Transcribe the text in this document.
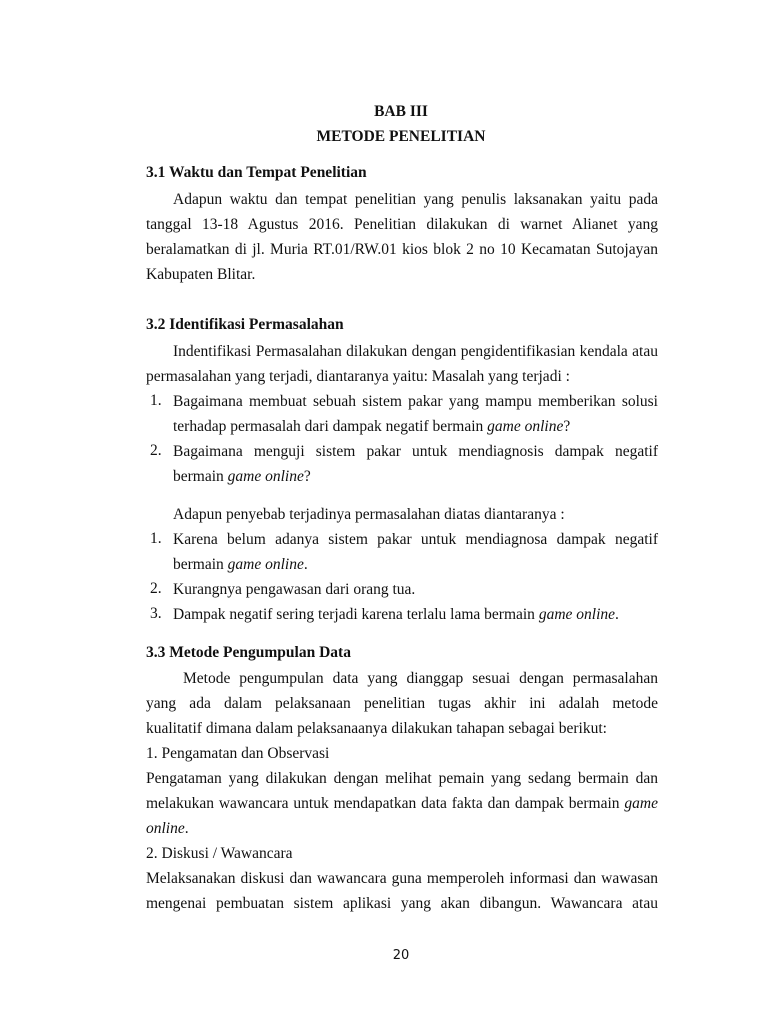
BAB III
METODE PENELITIAN
3.1 Waktu dan Tempat Penelitian
Adapun waktu dan tempat penelitian yang penulis laksanakan yaitu pada
tanggal 13-18 Agustus 2016. Penelitian dilakukan di warnet Alianet yang
beralamatkan di jl. Muria RT.01/RW.01 kios blok 2 no 10 Kecamatan Sutojayan
Kabupaten Blitar.
3.2 Identifikasi Permasalahan
Indentifikasi Permasalahan dilakukan dengan pengidentifikasian kendala atau
permasalahan yang terjadi, diantaranya yaitu: Masalah yang terjadi :
1. Bagaimana membuat sebuah sistem pakar yang mampu memberikan solusi
terhadap permasalah dari dampak negatif bermain game online?
2. Bagaimana menguji sistem pakar untuk mendiagnosis dampak negatif
bermain game online?
Adapun penyebab terjadinya permasalahan diatas diantaranya :
1. Karena belum adanya sistem pakar untuk mendiagnosa dampak negatif
bermain game online.
2. Kurangnya pengawasan dari orang tua.
3. Dampak negatif sering terjadi karena terlalu lama bermain game online.
3.3 Metode Pengumpulan Data
Metode pengumpulan data yang dianggap sesuai dengan permasalahan
yang ada dalam pelaksanaan penelitian tugas akhir ini adalah metode
kualitatif dimana dalam pelaksanaanya dilakukan tahapan sebagai berikut:
1. Pengamatan dan Observasi
Pengataman yang dilakukan dengan melihat pemain yang sedang bermain dan
melakukan wawancara untuk mendapatkan data fakta dan dampak bermain game
online.
2. Diskusi / Wawancara
Melaksanakan diskusi dan wawancara guna memperoleh informasi dan wawasan
mengenai pembuatan sistem aplikasi yang akan dibangun. Wawancara atau
20
